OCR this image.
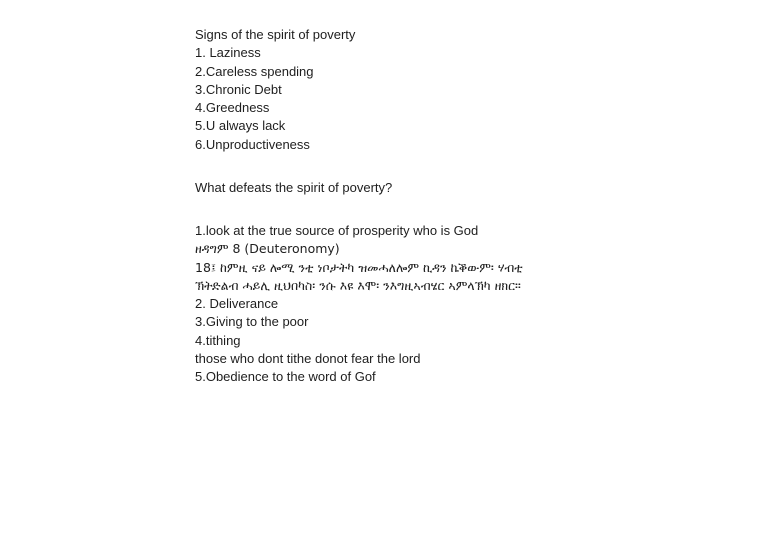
Signs of the spirit of poverty
1. Laziness
2.Careless spending
3.Chronic Debt
4.Greedness
5.U always lack
6.Unproductiveness
What defeats the spirit of poverty?
1.look at the true source of prosperity who is God
ዘዳግም 8 (Deuteronomy)
18፤ ከምዚ ናይ ሎሚ ንቲ ነቦታትካ ዝመሓለሎም ኪዳን ኬቕውም፡ ሃብቲ
ኽትድልብ ሓይሊ ዚህበካስ፡ ንሱ እዩ እሞ፡ ንእግዚኣብሄር ኣምላኽካ ዘክር።
2. Deliverance
3.Giving to the poor
4.tithing
those who dont tithe donot fear the lord
5.Obedience to the word of Gof
